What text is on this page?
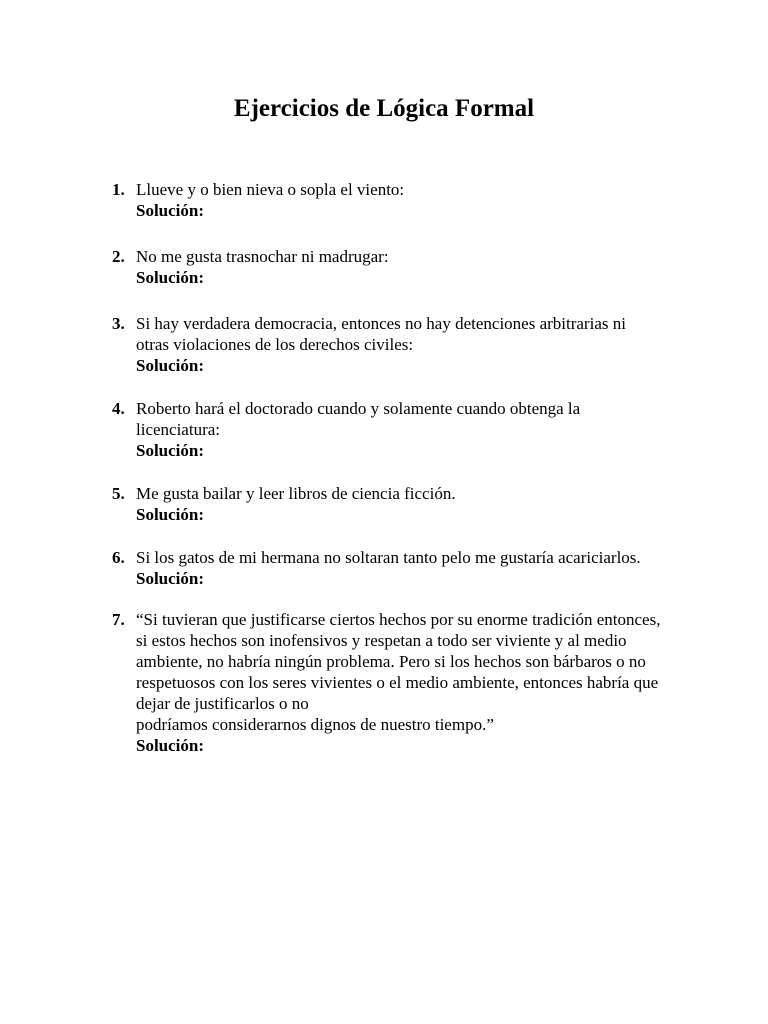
Ejercicios de Lógica Formal
1. Llueve y o bien nieva o sopla el viento:

Solución:

2. No me gusta trasnochar ni madrugar:

Solución:

3. Si hay verdadera democracia, entonces no hay detenciones arbitrarias ni

otras violaciones de los derechos civiles:

Solución:

4. Roberto hará el doctorado cuando y solamente cuando obtenga la

licenciatura:

Solución:

5. Me gusta bailar y leer libros de ciencia ficción.

Solución:

6. Si los gatos de mi hermana no soltaran tanto pelo me gustaría acariciarlos.

Solución:

7. “Si tuvieran que justificarse ciertos hechos por su enorme tradición entonces,

si estos hechos son inofensivos y respetan a todo ser viviente y al medio

ambiente, no habría ningún problema. Pero si los hechos son bárbaros o no

respetuosos con los seres vivientes o el medio ambiente, entonces habría que

dejar de justificarlos o no

podríamos considerarnos dignos de nuestro tiempo.”

Solución:
